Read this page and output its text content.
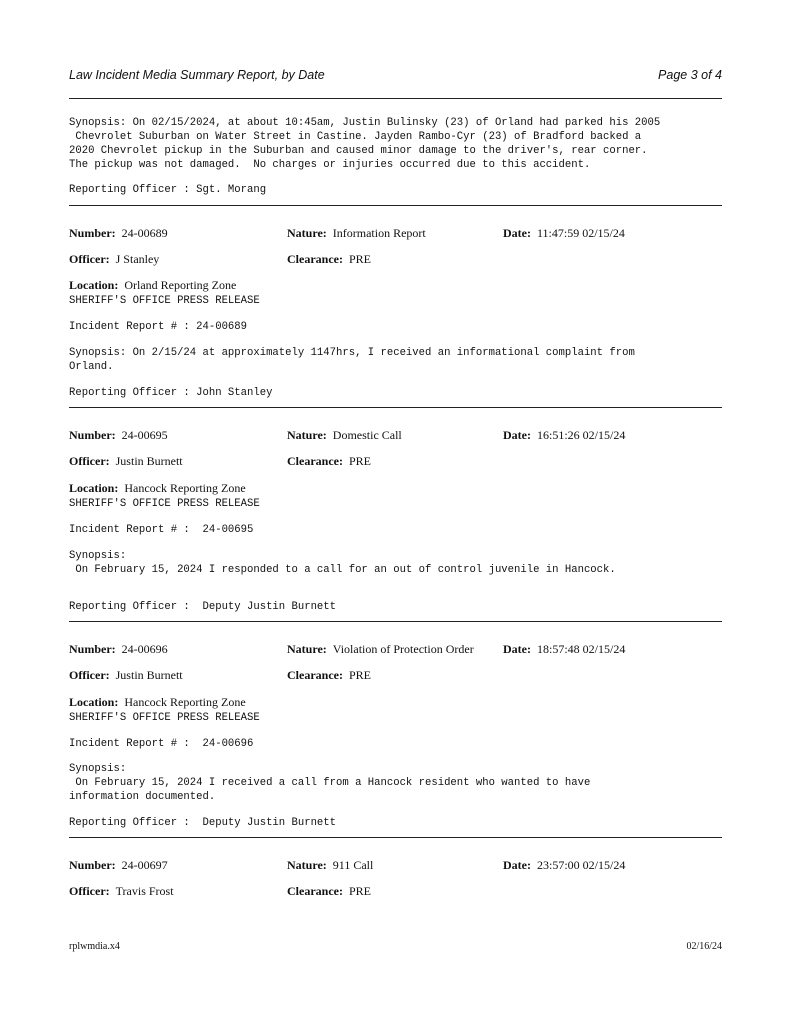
Law Incident Media Summary Report, by Date	Page 3 of 4
Synopsis: On 02/15/2024, at about 10:45am, Justin Bulinsky (23) of Orland had parked his 2005
Chevrolet Suburban on Water Street in Castine. Jayden Rambo-Cyr (23) of Bradford backed a
2020 Chevrolet pickup in the Suburban and caused minor damage to the driver's, rear corner.
The pickup was not damaged.  No charges or injuries occurred due to this accident.
Reporting Officer : Sgt. Morang
Number: 24-00689	Nature: Information Report	Date: 11:47:59 02/15/24
Officer: J Stanley	Clearance: PRE
Location: Orland Reporting Zone
SHERIFF'S OFFICE PRESS RELEASE
Incident Report # : 24-00689
Synopsis: On 2/15/24 at approximately 1147hrs, I received an informational complaint from
Orland.
Reporting Officer : John Stanley
Number: 24-00695	Nature: Domestic Call	Date: 16:51:26 02/15/24
Officer: Justin Burnett	Clearance: PRE
Location: Hancock Reporting Zone
SHERIFF'S OFFICE PRESS RELEASE
Incident Report # :  24-00695
Synopsis:
On February 15, 2024 I responded to a call for an out of control juvenile in Hancock.
Reporting Officer :  Deputy Justin Burnett
Number: 24-00696	Nature: Violation of Protection Order Date: 18:57:48 02/15/24
Officer: Justin Burnett	Clearance: PRE
Location: Hancock Reporting Zone
SHERIFF'S OFFICE PRESS RELEASE
Incident Report # :  24-00696
Synopsis:
On February 15, 2024 I received a call from a Hancock resident who wanted to have
information documented.
Reporting Officer :  Deputy Justin Burnett
Number: 24-00697	Nature: 911 Call	Date: 23:57:00 02/15/24
Officer: Travis Frost	Clearance: PRE
rplwmdia.x4	02/16/24
